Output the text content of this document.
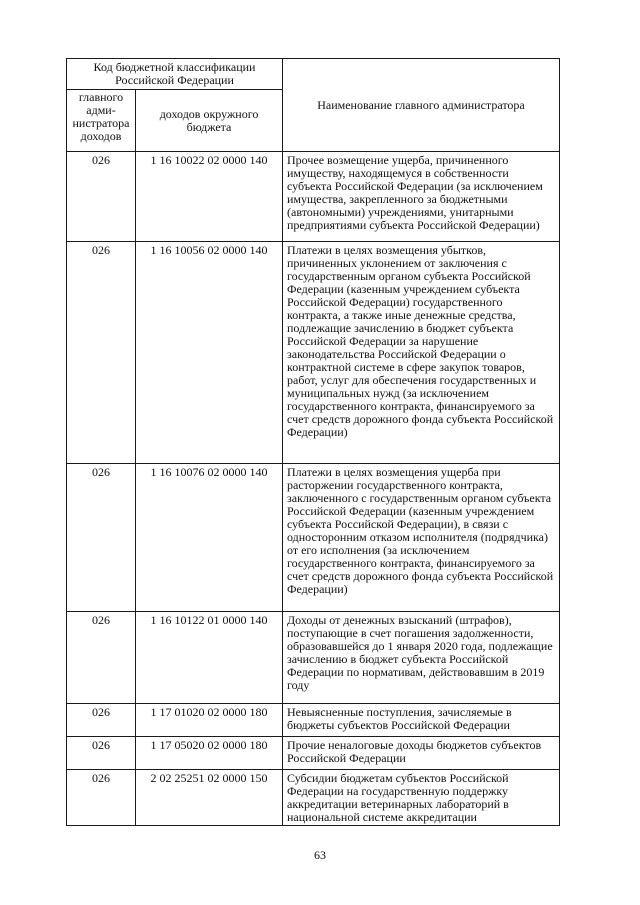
Код бюджетной классификации Российской Федерации		Наименование главного администратора
главного адми-нистратора доходов	доходов окружного бюджета	
026	1 16 10022 02 0000 140	Прочее возмещение ущерба, причиненного имуществу, находящемуся в собственности субъекта Российской Федерации (за исключением имущества, закрепленного за бюджетными (автономными) учреждениями, унитарными предприятиями субъекта Российской Федерации)
026	1 16 10056 02 0000 140	Платежи в целях возмещения убытков, причиненных уклонением от заключения с государственным органом субъекта Российской Федерации (казенным учреждением субъекта Российской Федерации) государственного контракта, а также иные денежные средства, подлежащие зачислению в бюджет субъекта Российской Федерации за нарушение законодательства Российской Федерации о контрактной системе в сфере закупок товаров, работ, услуг для обеспечения государственных и муниципальных нужд (за исключением государственного контракта, финансируемого за счет средств дорожного фонда субъекта Российской Федерации)
026	1 16 10076 02 0000 140	Платежи в целях возмещения ущерба при расторжении государственного контракта, заключенного с государственным органом субъекта Российской Федерации (казенным учреждением субъекта Российской Федерации), в связи с односторонним отказом исполнителя (подрядчика) от его исполнения (за исключением государственного контракта, финансируемого за счет средств дорожного фонда субъекта Российской Федерации)
026	1 16 10122 01 0000 140	Доходы от денежных взысканий (штрафов), поступающие в счет погашения задолженности, образовавшейся до 1 января 2020 года, подлежащие зачислению в бюджет субъекта Российской Федерации по нормативам, действовавшим в 2019 году
026	1 17 01020 02 0000 180	Невыясненные поступления, зачисляемые в бюджеты субъектов Российской Федерации
026	1 17 05020 02 0000 180	Прочие неналоговые доходы бюджетов субъектов Российской Федерации
026	2 02 25251 02 0000 150	Субсидии бюджетам субъектов Российской Федерации на государственную поддержку аккредитации ветеринарных лабораторий в национальной системе аккредитации
63
